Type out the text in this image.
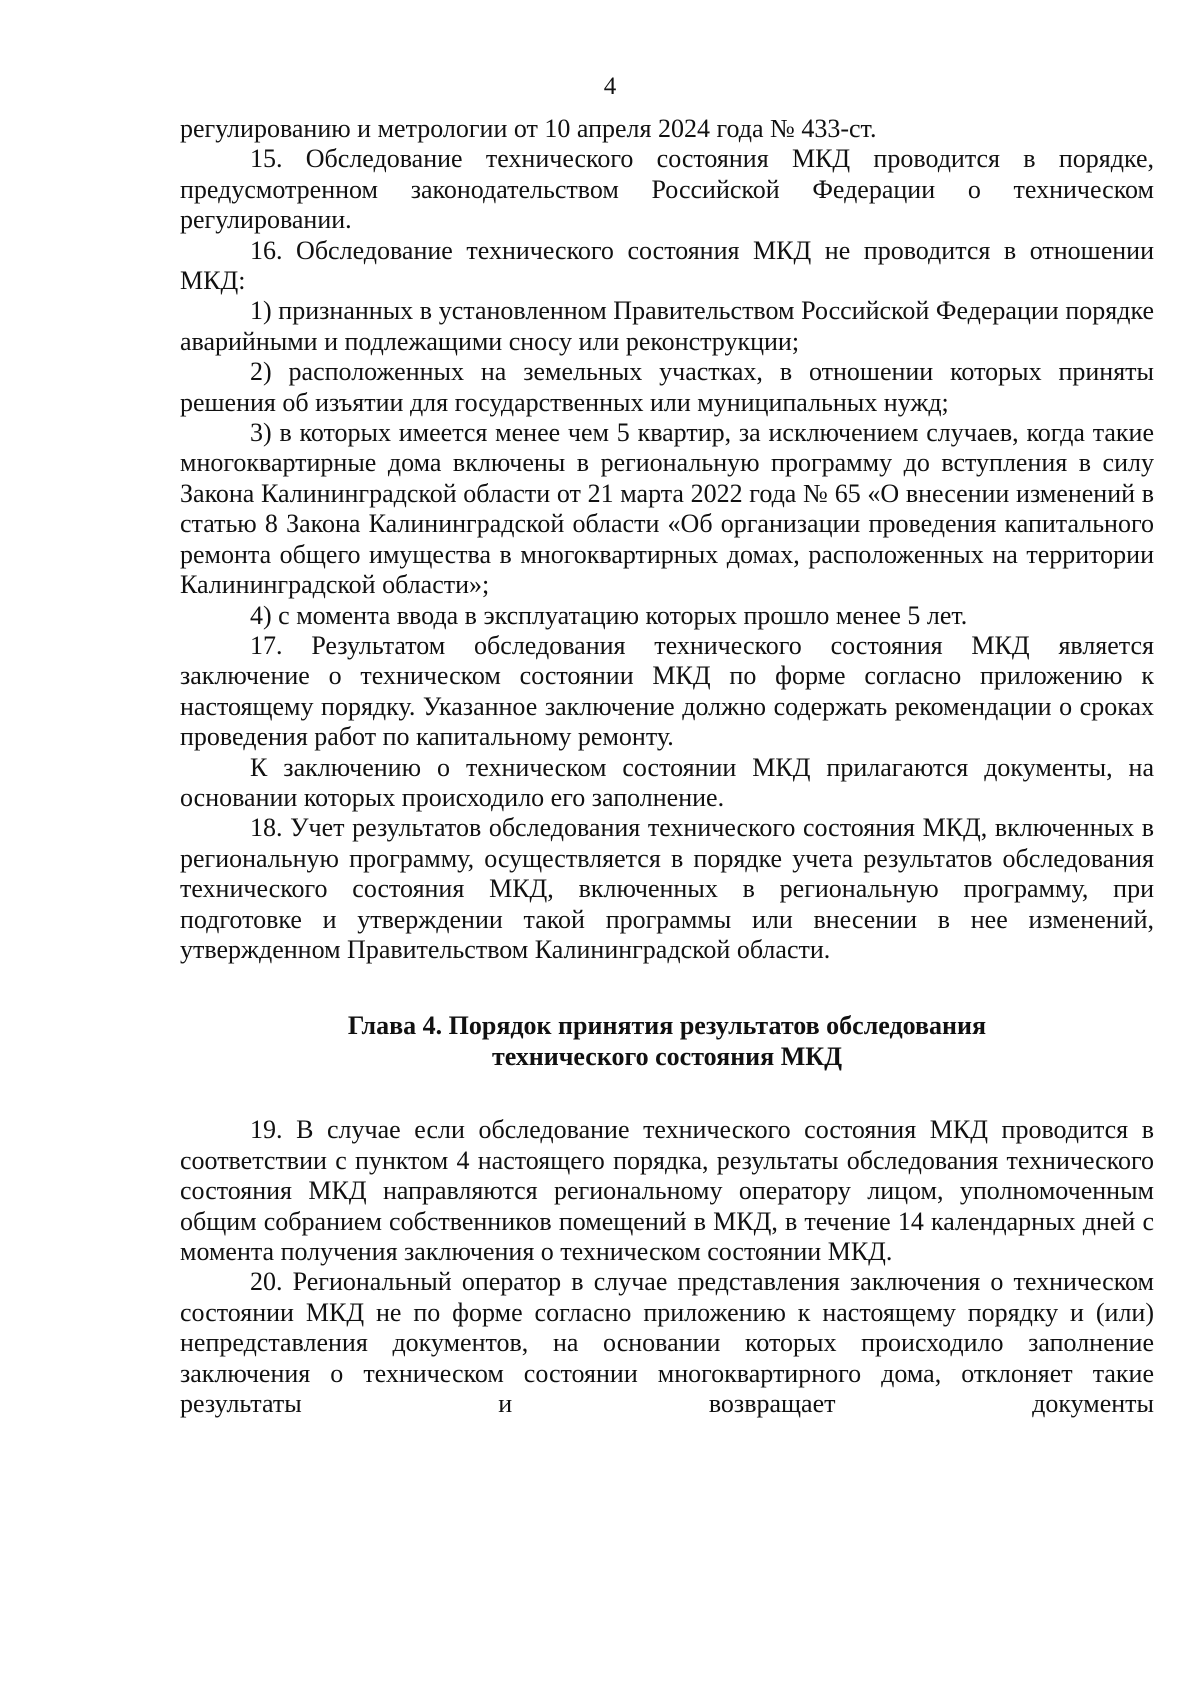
4

регулированию и метрологии от 10 апреля 2024 года № 433-ст.

15. Обследование технического состояния МКД проводится в порядке, предусмотренном законодательством Российской Федерации о техническом регулировании.

16. Обследование технического состояния МКД не проводится в отношении МКД:

1) признанных в установленном Правительством Российской Федерации порядке аварийными и подлежащими сносу или реконструкции;

2) расположенных на земельных участках, в отношении которых приняты решения об изъятии для государственных или муниципальных нужд;

3) в которых имеется менее чем 5 квартир, за исключением случаев, когда такие многоквартирные дома включены в региональную программу до вступления в силу Закона Калининградской области от 21 марта 2022 года № 65 «О внесении изменений в статью 8 Закона Калининградской области «Об организации проведения капитального ремонта общего имущества в многоквартирных домах, расположенных на территории Калининградской области»;

4) с момента ввода в эксплуатацию которых прошло менее 5 лет.

17. Результатом обследования технического состояния МКД является заключение о техническом состоянии МКД по форме согласно приложению к настоящему порядку. Указанное заключение должно содержать рекомендации о сроках проведения работ по капитальному ремонту.

К заключению о техническом состоянии МКД прилагаются документы, на основании которых происходило его заполнение.

18. Учет результатов обследования технического состояния МКД, включенных в региональную программу, осуществляется в порядке учета результатов обследования технического состояния МКД, включенных в региональную программу, при подготовке и утверждении такой программы или внесении в нее изменений, утвержденном Правительством Калининградской области.

Глава 4. Порядок принятия результатов обследования
технического состояния МКД

19. В случае если обследование технического состояния МКД проводится в соответствии с пунктом 4 настоящего порядка, результаты обследования технического состояния МКД направляются региональному оператору лицом, уполномоченным общим собранием собственников помещений в МКД, в течение 14 календарных дней с момента получения заключения о техническом состоянии МКД.

20. Региональный оператор в случае представления заключения о техническом состоянии МКД не по форме согласно приложению к настоящему порядку и (или) непредставления документов, на основании которых происходило заполнение заключения о техническом состоянии многоквартирного дома, отклоняет такие результаты и возвращает документы
